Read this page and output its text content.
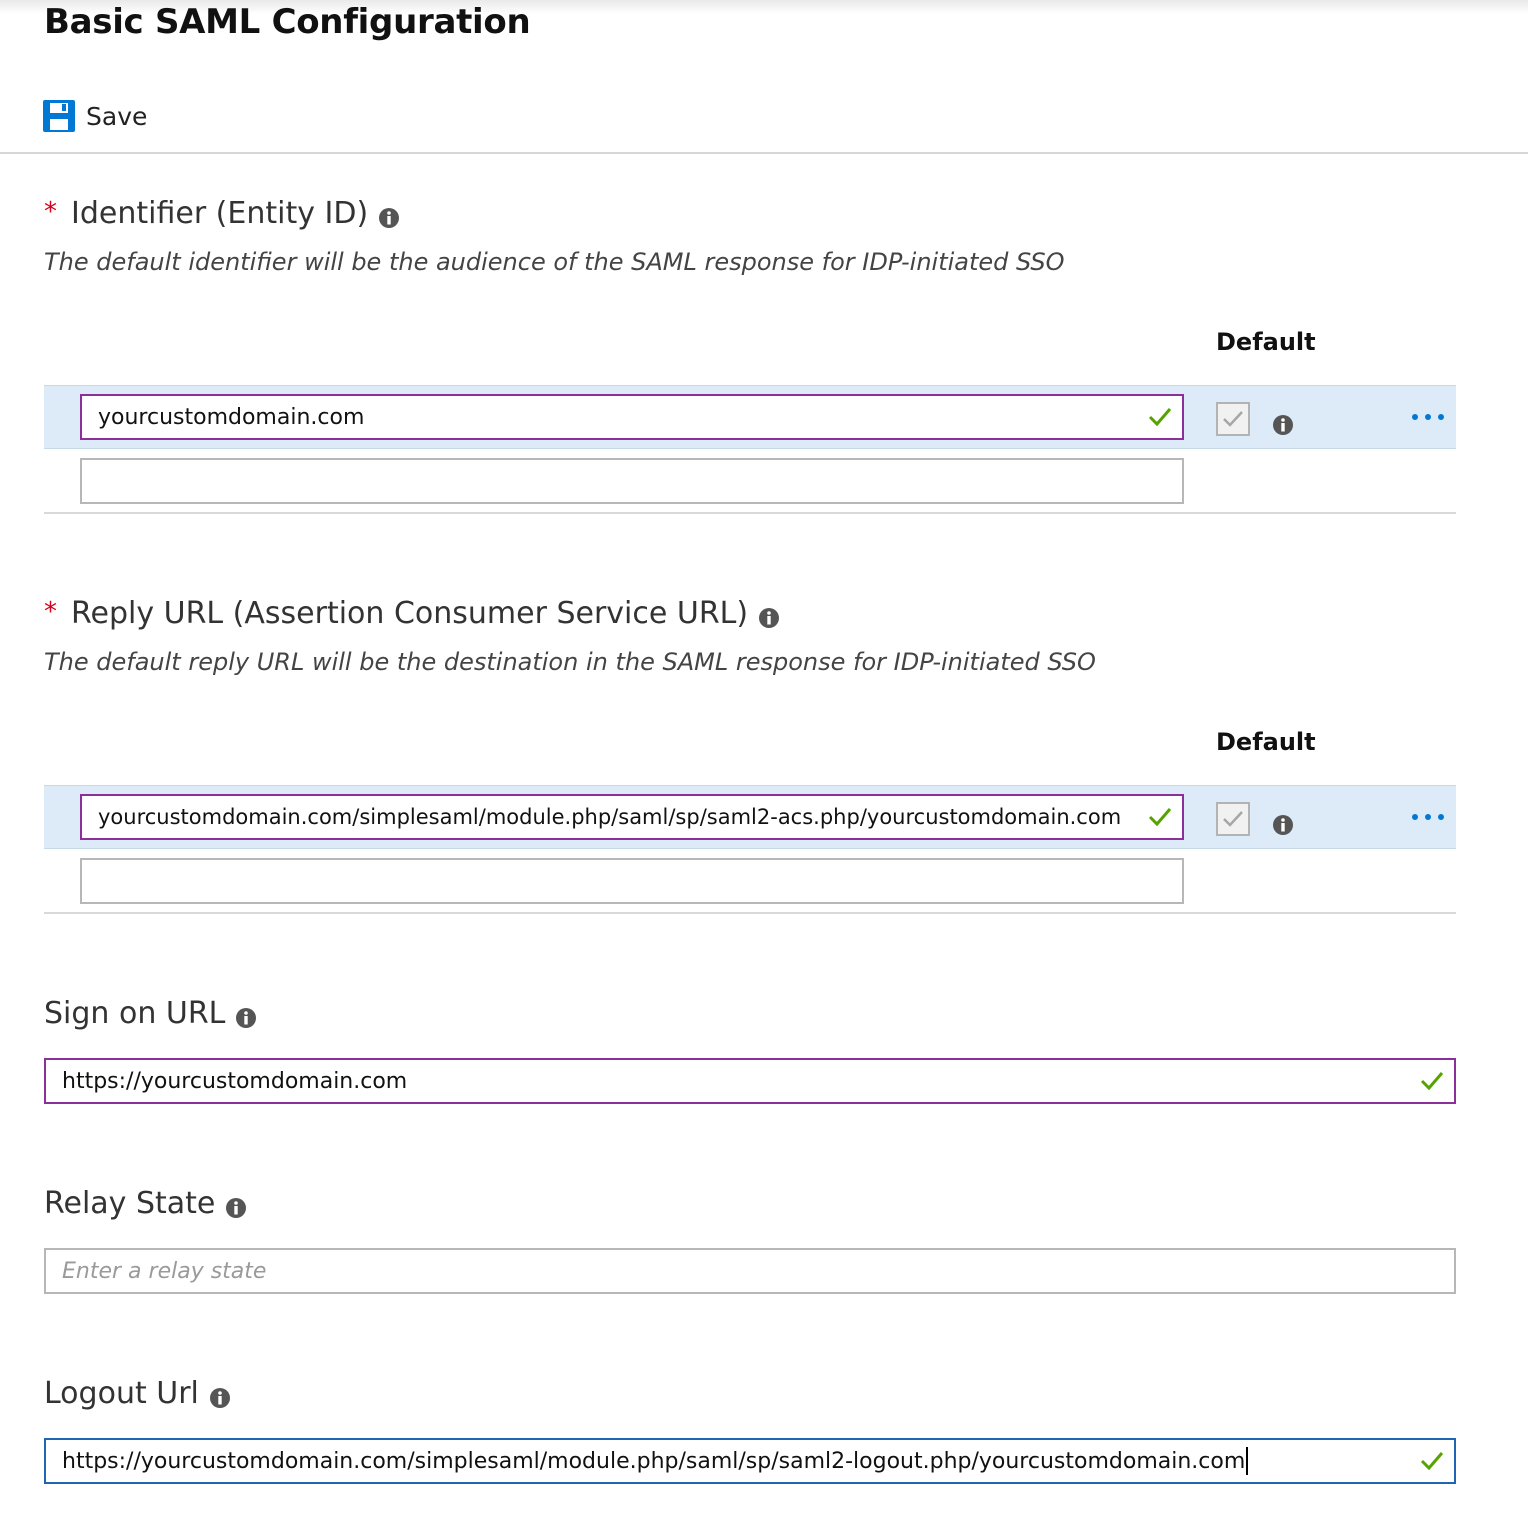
Basic SAML Configuration
Save
* Identifier (Entity ID)
The default identifier will be the audience of the SAML response for IDP-initiated SSO
Default
yourcustomdomain.com
* Reply URL (Assertion Consumer Service URL)
The default reply URL will be the destination in the SAML response for IDP-initiated SSO
Default
yourcustomdomain.com/simplesaml/module.php/saml/sp/saml2-acs.php/yourcustomdomain.com
Sign on URL
https://yourcustomdomain.com
Relay State
Enter a relay state
Logout Url
https://yourcustomdomain.com/simplesaml/module.php/saml/sp/saml2-logout.php/yourcustomdomain.com
